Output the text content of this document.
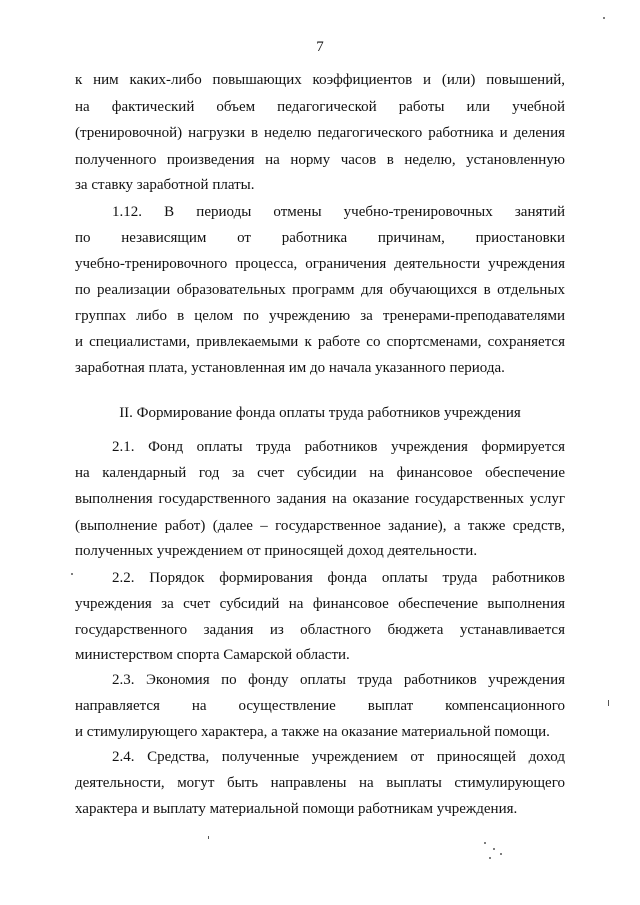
7
к ним каких-либо повышающих коэффициентов и (или) повышений,
на фактический объем педагогической работы или учебной
(тренировочной) нагрузки в неделю педагогического работника и деления
полученного произведения на норму часов в неделю, установленную
за ставку заработной платы.
1.12. В периоды отмены учебно-тренировочных занятий
по независящим от работника причинам, приостановки
учебно-тренировочного процесса, ограничения деятельности учреждения
по реализации образовательных программ для обучающихся в отдельных
группах либо в целом по учреждению за тренерами-преподавателями
и специалистами, привлекаемыми к работе со спортсменами, сохраняется
заработная плата, установленная им до начала указанного периода.
II. Формирование фонда оплаты труда работников учреждения
2.1. Фонд оплаты труда работников учреждения формируется
на календарный год за счет субсидии на финансовое обеспечение
выполнения государственного задания на оказание государственных услуг
(выполнение работ) (далее – государственное задание), а также средств,
полученных учреждением от приносящей доход деятельности.
2.2. Порядок формирования фонда оплаты труда работников
учреждения за счет субсидий на финансовое обеспечение выполнения
государственного задания из областного бюджета устанавливается
министерством спорта Самарской области.
2.3. Экономия по фонду оплаты труда работников учреждения
направляется на осуществление выплат компенсационного
и стимулирующего характера, а также на оказание материальной помощи.
2.4. Средства, полученные учреждением от приносящей доход
деятельности, могут быть направлены на выплаты стимулирующего
характера и выплату материальной помощи работникам учреждения.
